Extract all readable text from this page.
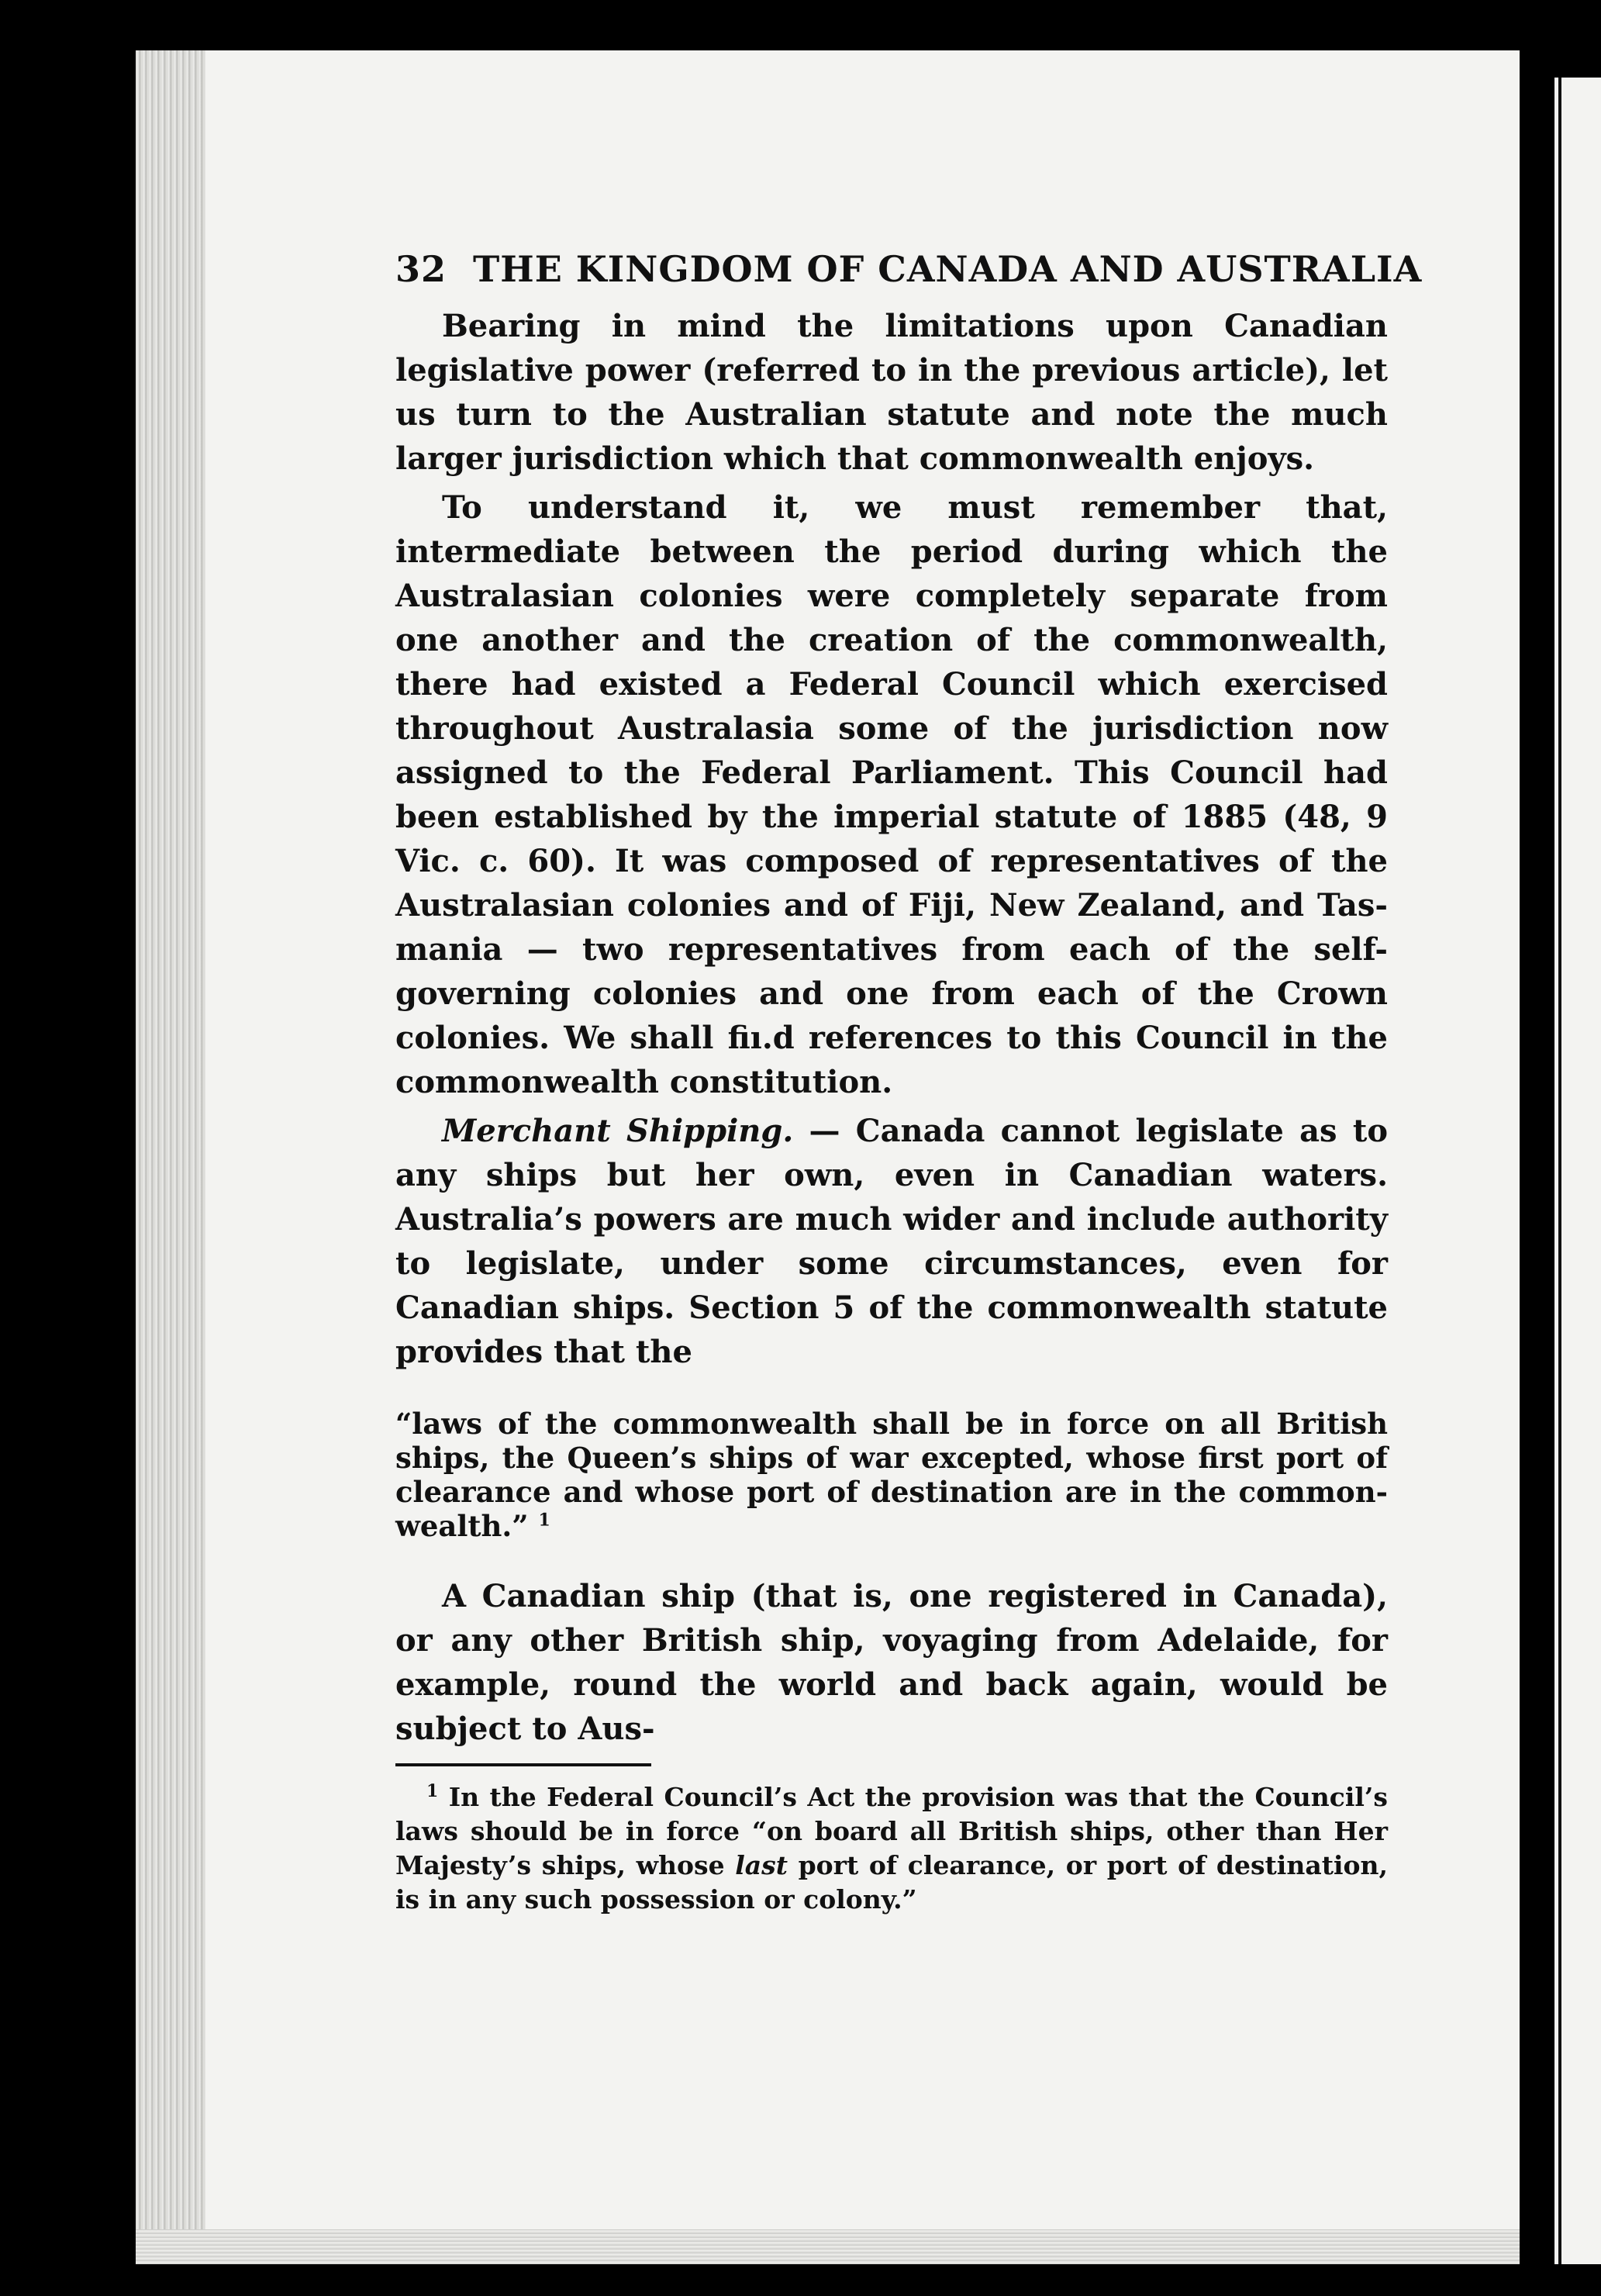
32 THE KINGDOM OF CANADA AND AUSTRALIA

Bearing in mind the limitations upon Canadian legislative power (referred to in the previous article), let us turn to the Australian statute and note the much larger jurisdiction which that commonwealth enjoys.

To understand it, we must remember that, intermediate between the period during which the Australasian colonies were completely separate from one another and the creation of the commonwealth, there had existed a Federal Council which exercised throughout Australasia some of the jurisdiction now assigned to the Federal Parliament. This Council had been established by the imperial statute of 1885 (48, 9 Vic. c. 60). It was composed of representatives of the Australasian colonies and of Fiji, New Zealand, and Tasmania — two representatives from each of the self-governing colonies and one from each of the Crown colonies. We shall fiı.d references to this Council in the commonwealth constitution.

Merchant Shipping. — Canada cannot legislate as to any ships but her own, even in Canadian waters. Australia’s powers are much wider and include authority to legislate, under some circumstances, even for Canadian ships. Section 5 of the commonwealth statute provides that the

“laws of the commonwealth shall be in force on all British ships, the Queen’s ships of war excepted, whose first port of clearance and whose port of destination are in the commonwealth.” $^1$

A Canadian ship (that is, one registered in Canada), or any other British ship, voyaging from Adelaide, for example, round the world and back again, would be subject to Aus-

$^1$ In the Federal Council’s Act the provision was that the Council’s laws should be in force “on board all British ships, other than Her Majesty’s ships, whose last port of clearance, or port of destination, is in any such possession or colony.”
